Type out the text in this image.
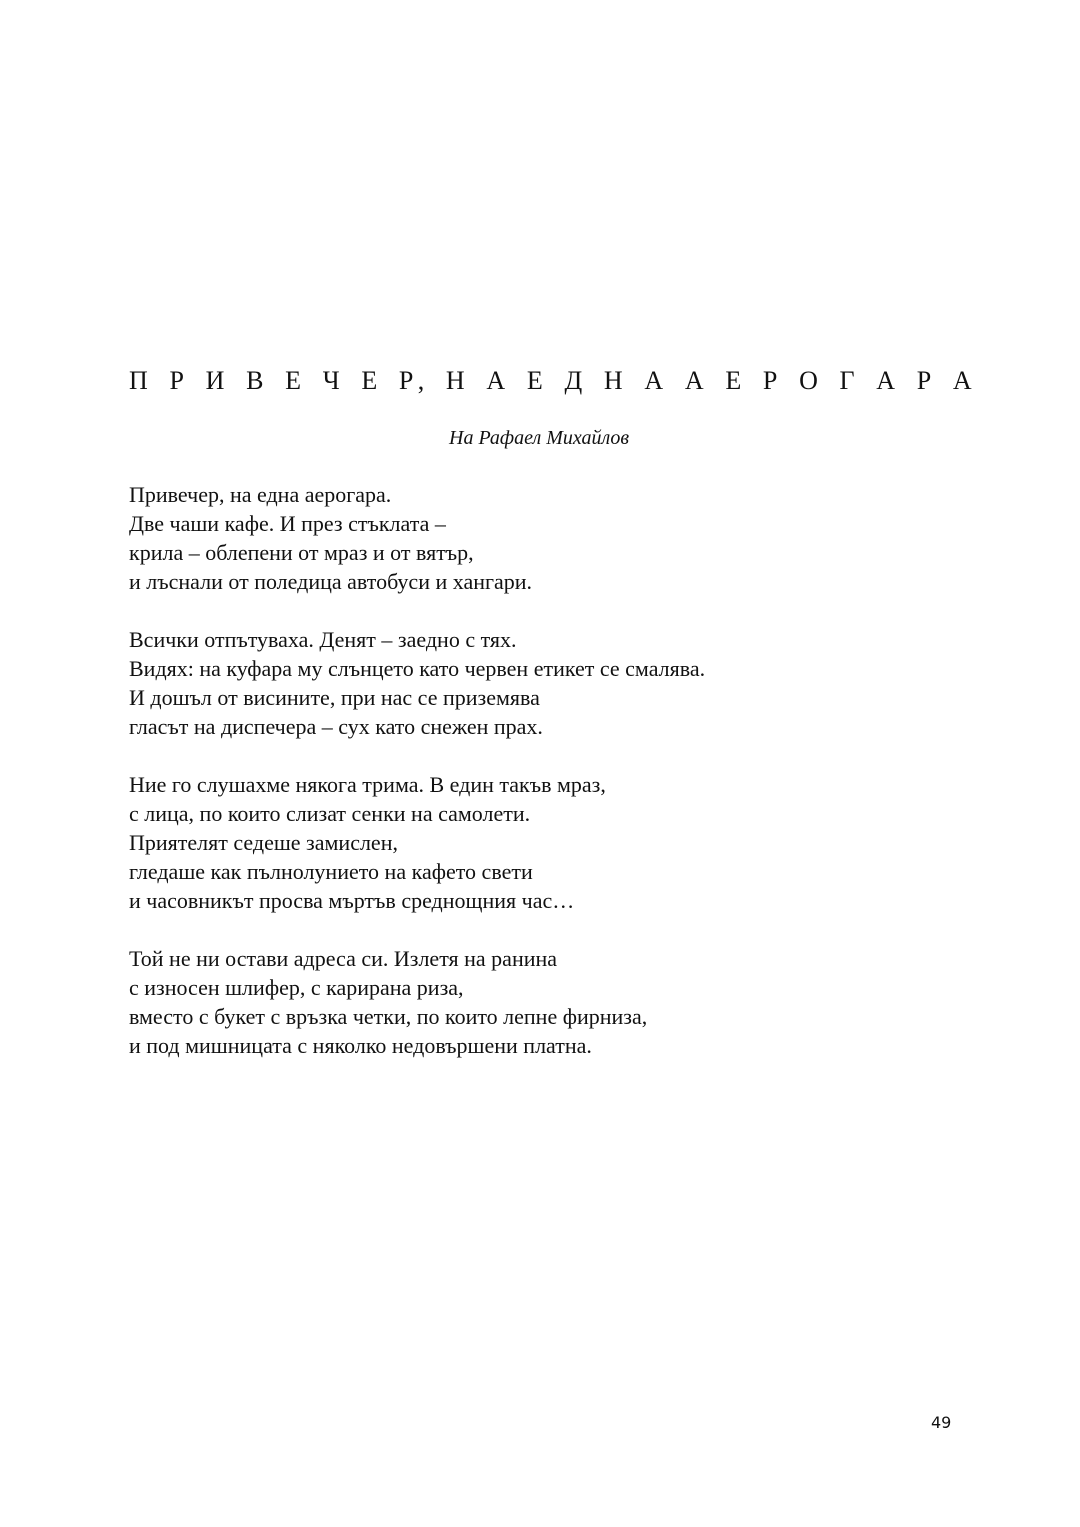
П Р И В Е Ч Е Р, Н А Е Д Н А А Е Р О Г А Р А

На Рафаел Михайлов

Привечер, на една аерогара.
Две чаши кафе. И през стъклата –
крила – облепени от мраз и от вятър,
и лъснали от поледица автобуси и хангари.

Всички отпътуваха. Денят – заедно с тях.
Видях: на куфара му слънцето като червен етикет се смалява.
И дошъл от висините, при нас се приземява
гласът на диспечера – сух като снежен прах.

Ние го слушахме някога трима. В един такъв мраз,
с лица, по които слизат сенки на самолети.
Приятелят седеше замислен,
гледаше как пълнолунието на кафето свети
и часовникът просва мъртъв среднощния час…

Той не ни остави адреса си. Излетя на ранина
с износен шлифер, с карирана риза,
вместо с букет с връзка четки, по които лепне фирниза,
и под мишницата с няколко недовършени платна.

49
